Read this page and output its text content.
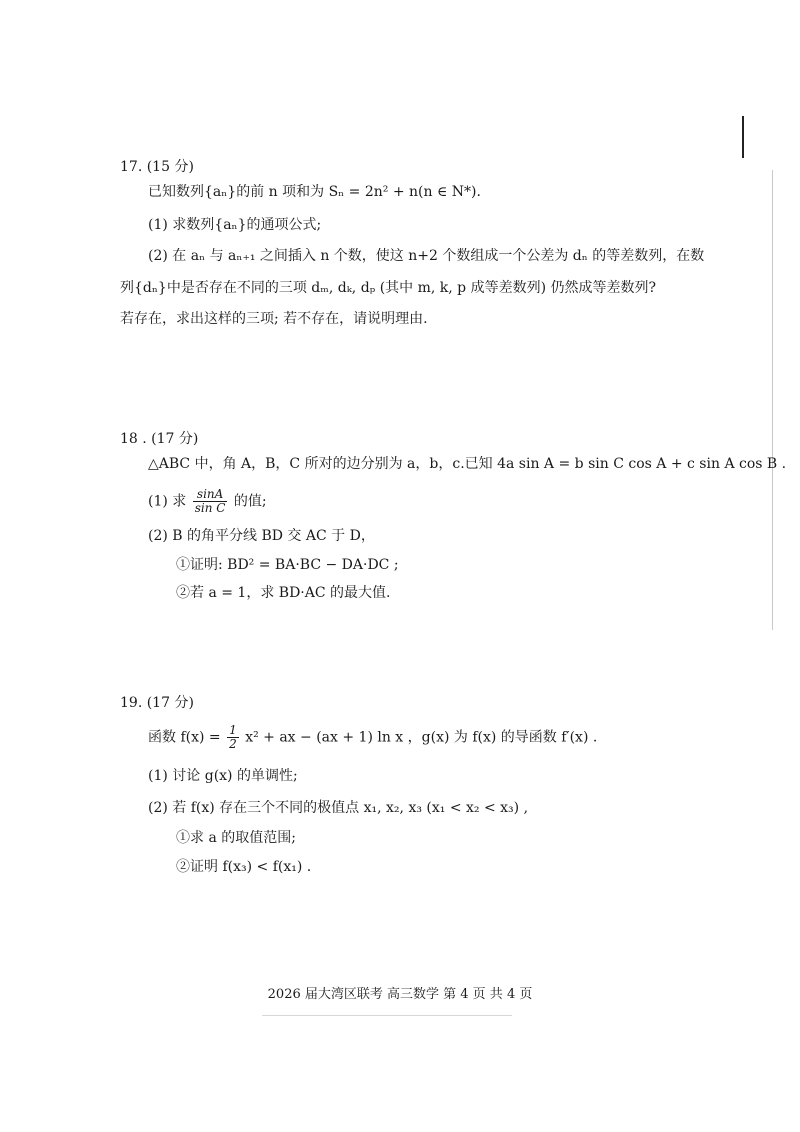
17. (15 分)
已知数列{aₙ}的前 n 项和为 Sₙ = 2n² + n(n ∈ N*).
(1) 求数列{aₙ}的通项公式;
(2) 在 aₙ 与 aₙ₊₁ 之间插入 n 个数，使这 n+2 个数组成一个公差为 dₙ 的等差数列，在数
列{dₙ}中是否存在不同的三项 dₘ, dₖ, dₚ (其中 m, k, p 成等差数列) 仍然成等差数列?
若存在，求出这样的三项; 若不存在，请说明理由.
18 . (17 分)
△ABC 中，角 A，B，C 所对的边分别为 a，b，c.已知 4a sin A = b sin C cos A + c sin A cos B .
(1) 求 $\frac{\sin A}{\text{sin C}}$ 的值;
(2) B 的角平分线 BD 交 AC 于 D，
①证明: BD² = BA·BC − DA·DC ;
②若 a = 1，求 BD·AC 的最大值.
19. (17 分)
函数 $f(x) = \frac{1}{2} x^2$ + ax − (ax + 1) ln x ，g(x) 为 f(x) 的导函数 f′(x) .
(1) 讨论 g(x) 的单调性;
(2) 若 f(x) 存在三个不同的极值点 x₁, x₂, x₃ (x₁ < x₂ < x₃) ,
①求 a 的取值范围;
②证明 f(x₃) < f(x₁) .
2026 届大湾区联考 高三数学 第 4 页 共 4 页
